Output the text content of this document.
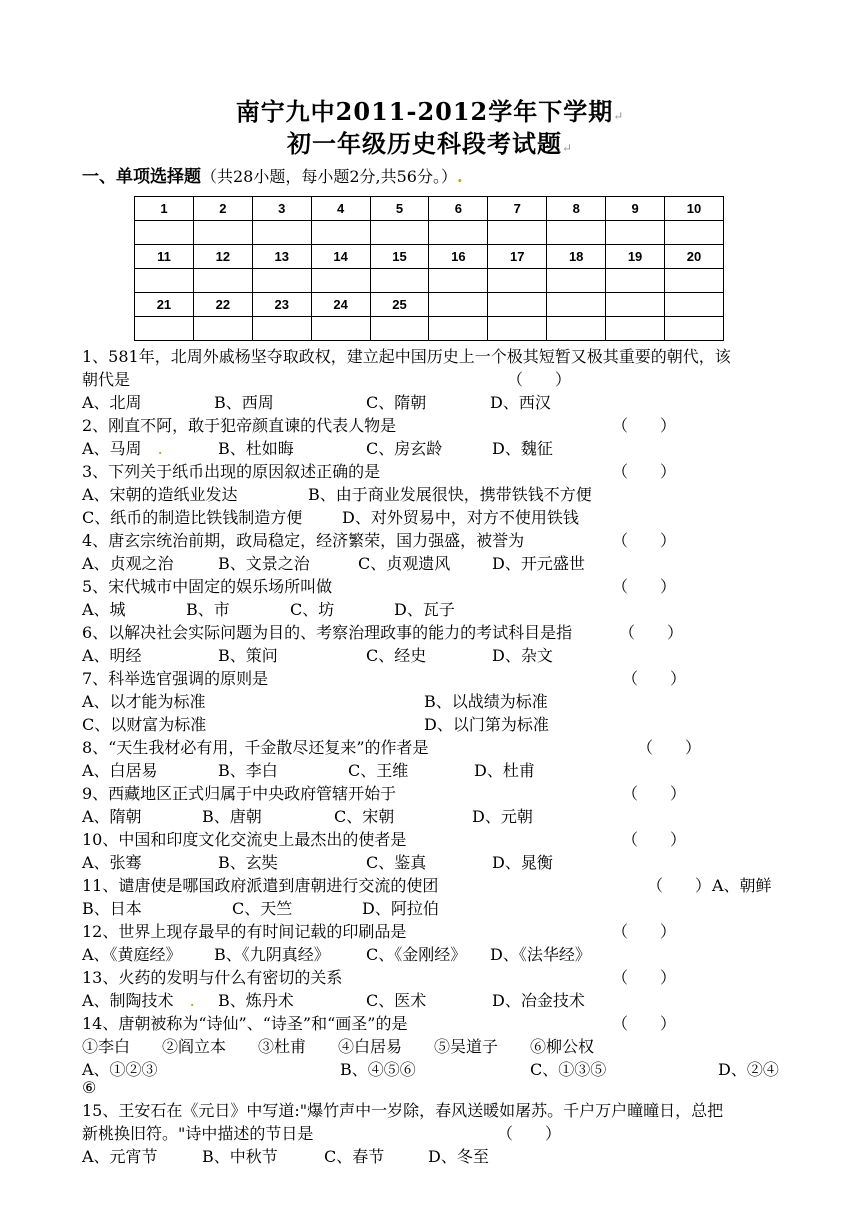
南宁九中2011-2012学年下学期↵
初一年级历史科段考试题↵
一、单项选择题（共28小题，每小题2分,共56分。）.
1	2	3	4	5	6	7	8	9	10

11	12	13	14	15	16	17	18	19	20

21	22	23	24	25					

1、581年，北周外戚杨坚夺取政权，建立起中国历史上一个极其短暂又极其重要的朝代，该
朝代是	（　　）
A、北周	B、西周	C、隋朝	D、西汉
2、刚直不阿，敢于犯帝颜直谏的代表人物是	（　　）
A、马周　.	B、杜如晦	C、房玄龄	D、魏征
3、下列关于纸币出现的原因叙述正确的是	（　　）
A、宋朝的造纸业发达	B、由于商业发展很快，携带铁钱不方便
C、纸币的制造比铁钱制造方便 D、对外贸易中，对方不使用铁钱
4、唐玄宗统治前期，政局稳定，经济繁荣，国力强盛，被誉为	（　　）
A、贞观之治	B、文景之治	C、贞观遗风	D、开元盛世
5、宋代城市中固定的娱乐场所叫做	（　　）
A、城	B、市	C、坊	D、瓦子
6、以解决社会实际问题为目的、考察治理政事的能力的考试科目是指	（　　）
A、明经	B、策问	C、经史	D、杂文
7、科举选官强调的原则是	（　　）
A、以才能为标准	B、以战绩为标准
C、以财富为标准	D、以门第为标准
8、“天生我材必有用，千金散尽还复来”的作者是	（　　）
A、白居易	B、李白	C、王维	D、杜甫
9、西藏地区正式归属于中央政府管辖开始于	（　　）
A、隋朝	B、唐朝	C、宋朝	D、元朝
10、中国和印度文化交流史上最杰出的使者是	（　　）
A、张骞	B、玄奘	C、鉴真	D、晁衡
11、谴唐使是哪国政府派遣到唐朝进行交流的使团	（　　） A、朝鲜
B、日本	C、天竺	D、阿拉伯
12、世界上现存最早的有时间记载的印刷品是	（　　）
A、《黄庭经》 B、《九阴真经》 C、《金刚经》 D、《法华经》
13、火药的发明与什么有密切的关系	（　　）
A、制陶技术　. B、炼丹术	C、医术	D、冶金技术
14、唐朝被称为“诗仙”、“诗圣”和“画圣”的是	（　　）
①李白　　②阎立本　　③杜甫　　④白居易　　⑤吴道子　　⑥柳公权
A、①②③	B、④⑤⑥	C、①③⑤	D、②④
⑥
15、王安石在《元日》中写道:"爆竹声中一岁除，春风送暖如屠苏。千户万户曈曈日，总把
新桃换旧符。"诗中描述的节日是	（　　）
A、元宵节	B、中秋节	C、春节	D、冬至
